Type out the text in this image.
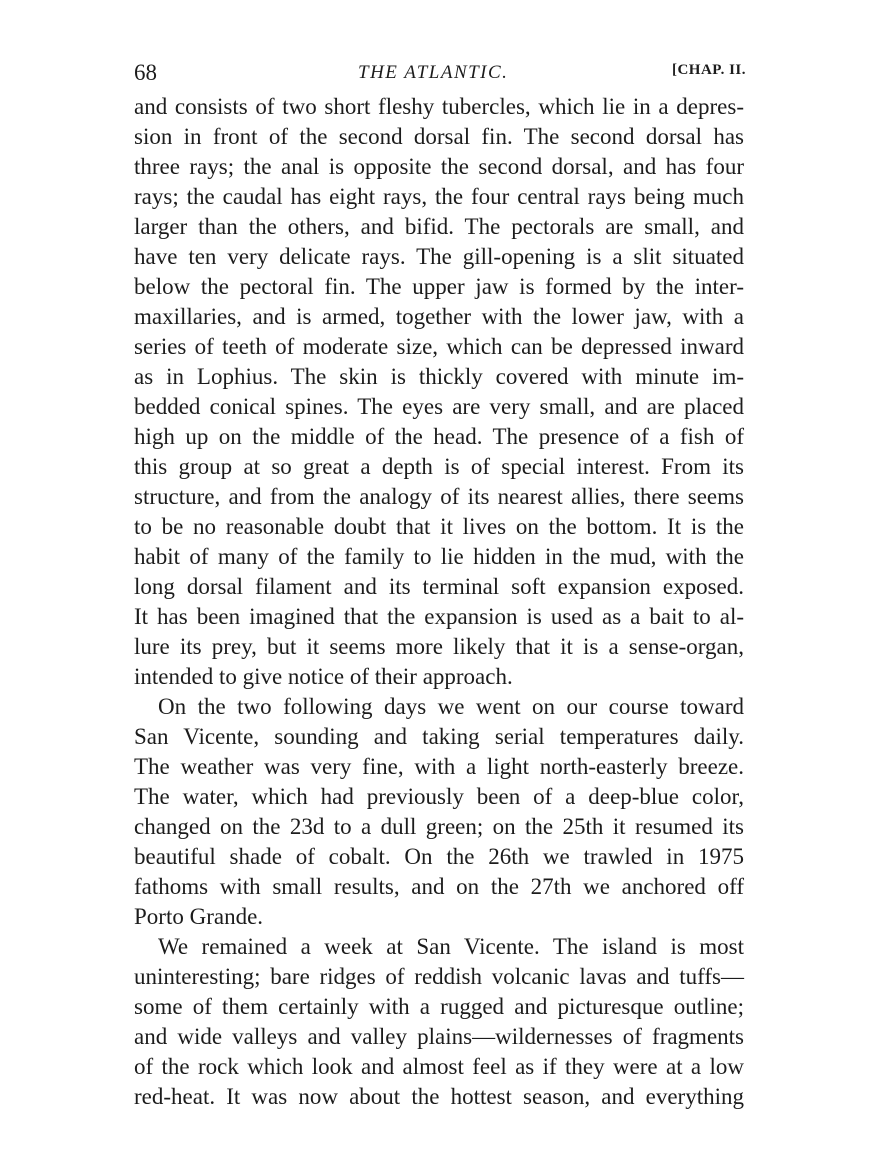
68	THE ATLANTIC.	[CHAP. II.
and consists of two short fleshy tubercles, which lie in a depres-
sion in front of the second dorsal fin. The second dorsal has
three rays; the anal is opposite the second dorsal, and has four
rays; the caudal has eight rays, the four central rays being much
larger than the others, and bifid. The pectorals are small, and
have ten very delicate rays. The gill-opening is a slit situated
below the pectoral fin. The upper jaw is formed by the inter-
maxillaries, and is armed, together with the lower jaw, with a
series of teeth of moderate size, which can be depressed inward
as in Lophius. The skin is thickly covered with minute im-
bedded conical spines. The eyes are very small, and are placed
high up on the middle of the head. The presence of a fish of
this group at so great a depth is of special interest. From its
structure, and from the analogy of its nearest allies, there seems
to be no reasonable doubt that it lives on the bottom. It is the
habit of many of the family to lie hidden in the mud, with the
long dorsal filament and its terminal soft expansion exposed.
It has been imagined that the expansion is used as a bait to al-
lure its prey, but it seems more likely that it is a sense-organ,
intended to give notice of their approach.
On the two following days we went on our course toward
San Vicente, sounding and taking serial temperatures daily.
The weather was very fine, with a light north-easterly breeze.
The water, which had previously been of a deep-blue color,
changed on the 23d to a dull green; on the 25th it resumed its
beautiful shade of cobalt. On the 26th we trawled in 1975
fathoms with small results, and on the 27th we anchored off
Porto Grande.
We remained a week at San Vicente. The island is most
uninteresting; bare ridges of reddish volcanic lavas and tuffs—
some of them certainly with a rugged and picturesque outline;
and wide valleys and valley plains—wildernesses of fragments
of the rock which look and almost feel as if they were at a low
red-heat. It was now about the hottest season, and everything
